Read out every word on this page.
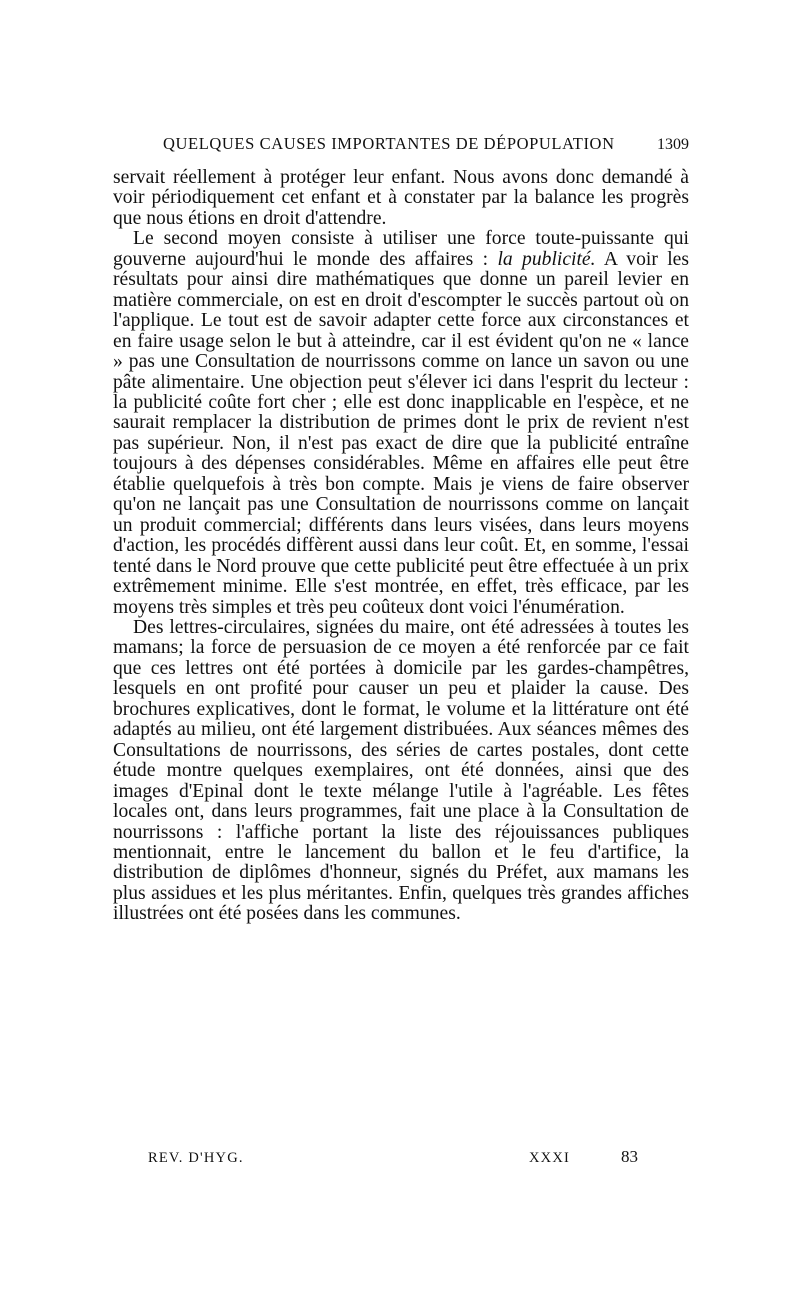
QUELQUES CAUSES IMPORTANTES DE DÉPOPULATION	1309

servait réellement à protéger leur enfant. Nous avons donc demandé à voir périodiquement cet enfant et à constater par la balance les progrès que nous étions en droit d'attendre.

Le second moyen consiste à utiliser une force toute-puissante qui gouverne aujourd'hui le monde des affaires : la publicité. A voir les résultats pour ainsi dire mathématiques que donne un pareil levier en matière commerciale, on est en droit d'escompter le succès partout où on l'applique. Le tout est de savoir adapter cette force aux circonstances et en faire usage selon le but à atteindre, car il est évident qu'on ne « lance » pas une Consultation de nourrissons comme on lance un savon ou une pâte alimentaire. Une objection peut s'élever ici dans l'esprit du lecteur : la publicité coûte fort cher ; elle est donc inapplicable en l'espèce, et ne saurait remplacer la distribution de primes dont le prix de revient n'est pas supérieur. Non, il n'est pas exact de dire que la publicité entraîne toujours à des dépenses considérables. Même en affaires elle peut être établie quelquefois à très bon compte. Mais je viens de faire observer qu'on ne lançait pas une Consultation de nourrissons comme on lançait un produit commercial; différents dans leurs visées, dans leurs moyens d'action, les procédés diffèrent aussi dans leur coût. Et, en somme, l'essai tenté dans le Nord prouve que cette publicité peut être effectuée à un prix extrêmement minime. Elle s'est montrée, en effet, très efficace, par les moyens très simples et très peu coûteux dont voici l'énumération.

Des lettres-circulaires, signées du maire, ont été adressées à toutes les mamans; la force de persuasion de ce moyen a été renforcée par ce fait que ces lettres ont été portées à domicile par les gardes-champêtres, lesquels en ont profité pour causer un peu et plaider la cause. Des brochures explicatives, dont le format, le volume et la littérature ont été adaptés au milieu, ont été largement distribuées. Aux séances mêmes des Consultations de nourrissons, des séries de cartes postales, dont cette étude montre quelques exemplaires, ont été données, ainsi que des images d'Epinal dont le texte mélange l'utile à l'agréable. Les fêtes locales ont, dans leurs programmes, fait une place à la Consultation de nourrissons : l'affiche portant la liste des réjouissances publiques mentionnait, entre le lancement du ballon et le feu d'artifice, la distribution de diplômes d'honneur, signés du Préfet, aux mamans les plus assidues et les plus méritantes. Enfin, quelques très grandes affiches illustrées ont été posées dans les communes.

REV. D'HYG.	XXXI	83
